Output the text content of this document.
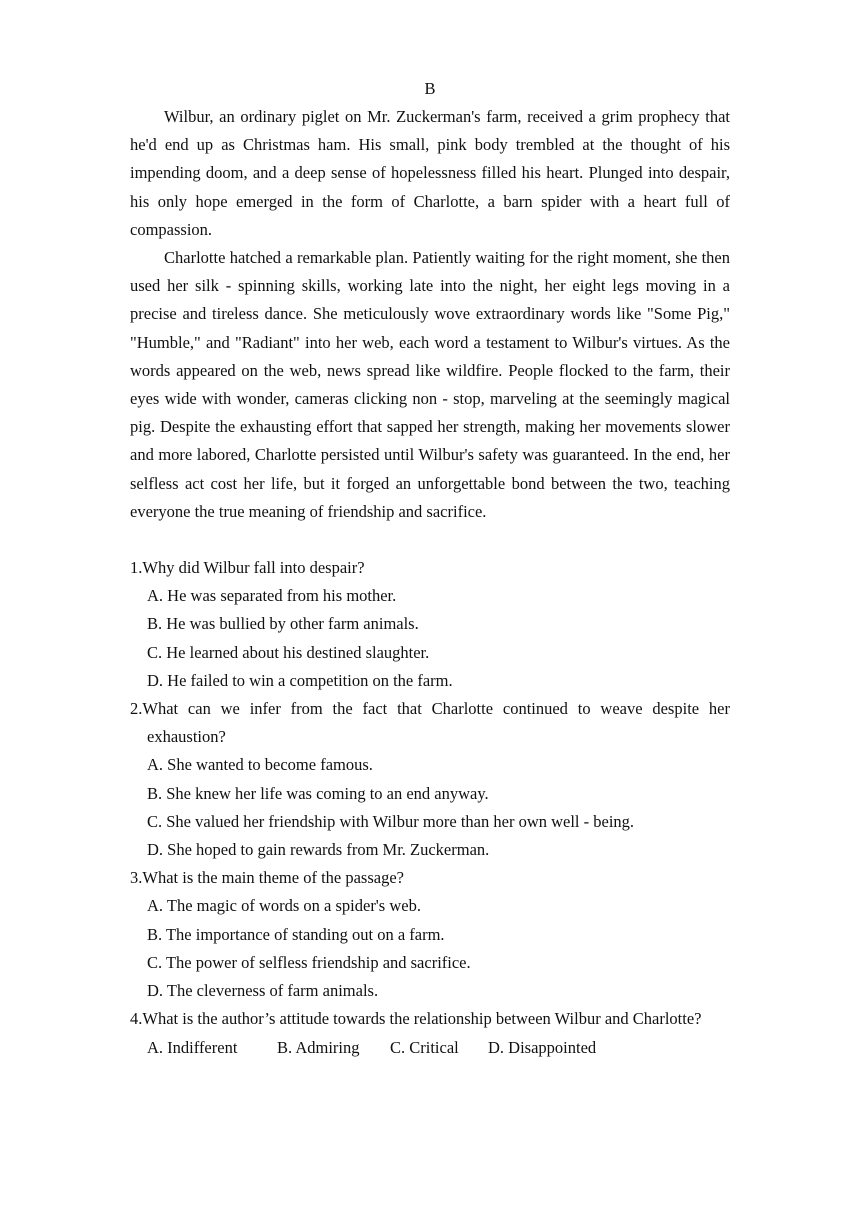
B

Wilbur, an ordinary piglet on Mr. Zuckerman's farm, received a grim prophecy that he'd end up as Christmas ham. His small, pink body trembled at the thought of his impending doom, and a deep sense of hopelessness filled his heart. Plunged into despair, his only hope emerged in the form of Charlotte, a barn spider with a heart full of compassion.

Charlotte hatched a remarkable plan. Patiently waiting for the right moment, she then used her silk - spinning skills, working late into the night, her eight legs moving in a precise and tireless dance. She meticulously wove extraordinary words like "Some Pig," "Humble," and "Radiant" into her web, each word a testament to Wilbur's virtues. As the words appeared on the web, news spread like wildfire. People flocked to the farm, their eyes wide with wonder, cameras clicking non - stop, marveling at the seemingly magical pig. Despite the exhausting effort that sapped her strength, making her movements slower and more labored, Charlotte persisted until Wilbur's safety was guaranteed. In the end, her selfless act cost her life, but it forged an unforgettable bond between the two, teaching everyone the true meaning of friendship and sacrifice.

1.Why did Wilbur fall into despair?

A. He was separated from his mother.

B. He was bullied by other farm animals.

C. He learned about his destined slaughter.

D. He failed to win a competition on the farm.

2.What can we infer from the fact that Charlotte continued to weave despite her exhaustion?

A. She wanted to become famous.

B. She knew her life was coming to an end anyway.

C. She valued her friendship with Wilbur more than her own well - being.

D. She hoped to gain rewards from Mr. Zuckerman.

3.What is the main theme of the passage?

A. The magic of words on a spider's web.

B. The importance of standing out on a farm.

C. The power of selfless friendship and sacrifice.

D. The cleverness of farm animals.

4.What is the author’s attitude towards the relationship between Wilbur and Charlotte?

A. Indifferent B. Admiring C. Critical D. Disappointed
